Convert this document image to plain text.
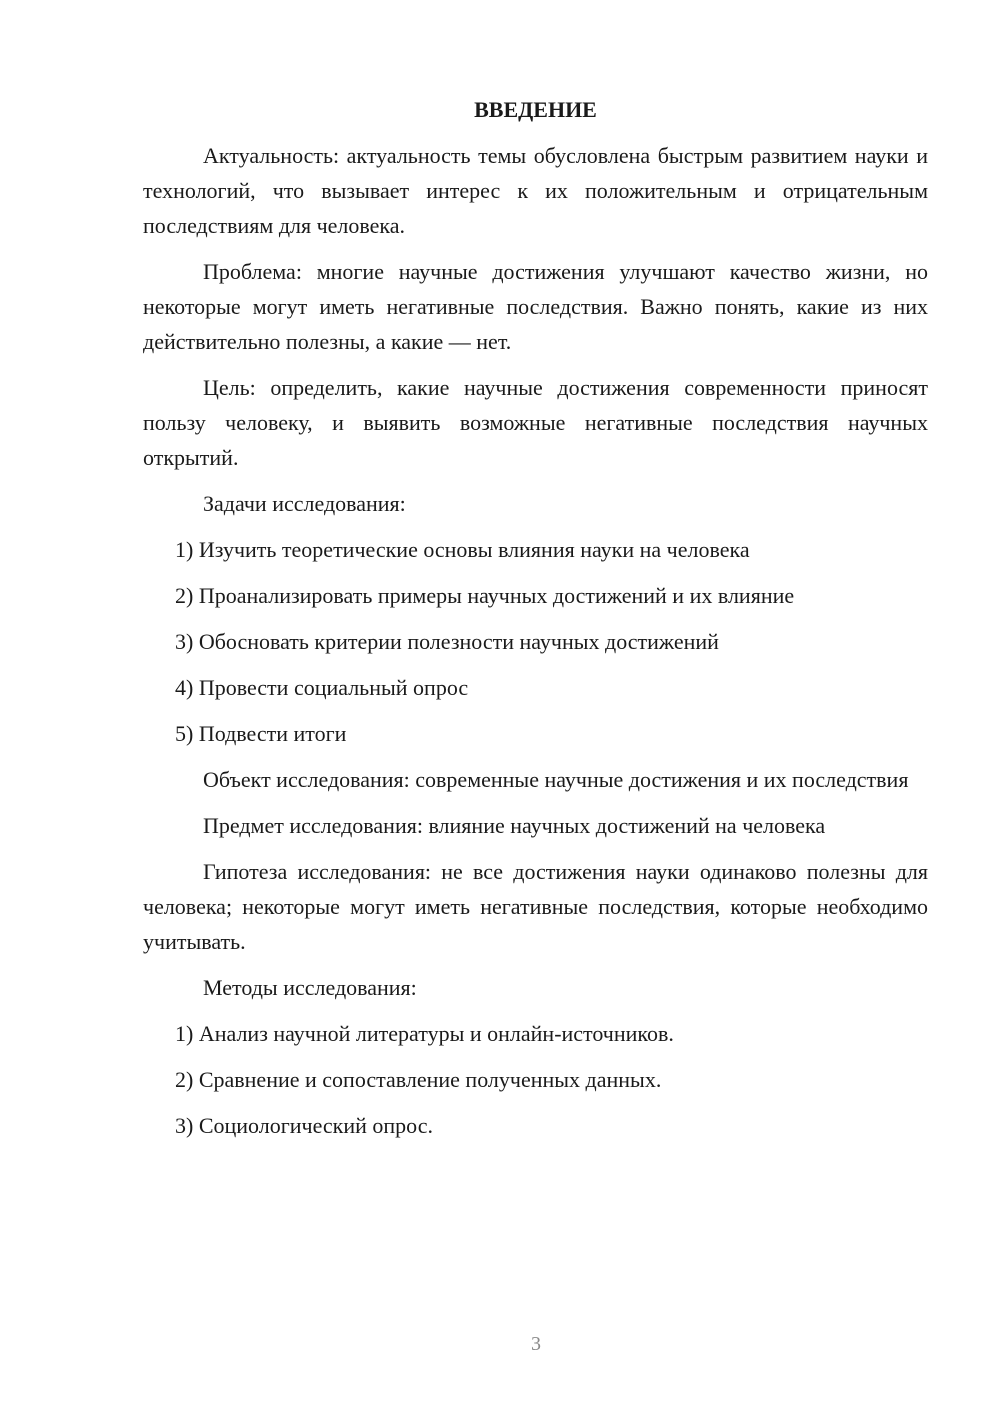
ВВЕДЕНИЕ

Актуальность: актуальность темы обусловлена быстрым развитием науки и технологий, что вызывает интерес к их положительным и отрицательным последствиям для человека.

Проблема: многие научные достижения улучшают качество жизни, но некоторые могут иметь негативные последствия. Важно понять, какие из них действительно полезны, а какие — нет.

Цель: определить, какие научные достижения современности приносят пользу человеку, и выявить возможные негативные последствия научных открытий.

Задачи исследования:

1) Изучить теоретические основы влияния науки на человека

2) Проанализировать примеры научных достижений и их влияние

3) Обосновать критерии полезности научных достижений

4) Провести социальный опрос

5) Подвести итоги

Объект исследования: современные научные достижения и их последствия

Предмет исследования: влияние научных достижений на человека

Гипотеза исследования: не все достижения науки одинаково полезны для человека; некоторые могут иметь негативные последствия, которые необходимо учитывать.

Методы исследования:

1) Анализ научной литературы и онлайн-источников.

2) Сравнение и сопоставление полученных данных.

3) Социологический опрос.

3
